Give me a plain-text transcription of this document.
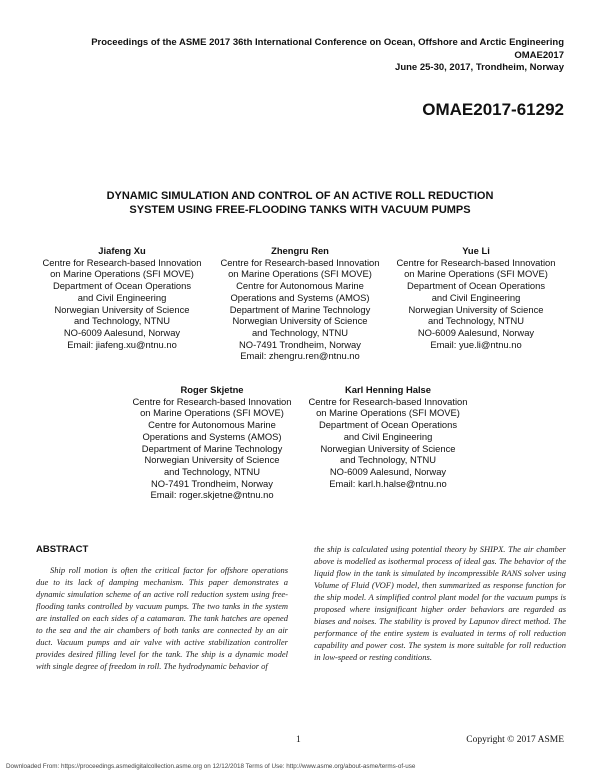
Proceedings of the ASME 2017 36th International Conference on Ocean, Offshore and Arctic Engineering
OMAE2017
June 25-30, 2017, Trondheim, Norway
OMAE2017-61292
DYNAMIC SIMULATION AND CONTROL OF AN ACTIVE ROLL REDUCTION
SYSTEM USING FREE-FLOODING TANKS WITH VACUUM PUMPS
Jiafeng Xu
Centre for Research-based Innovation
on Marine Operations (SFI MOVE)
Department of Ocean Operations
and Civil Engineering
Norwegian University of Science
and Technology, NTNU
NO-6009 Aalesund, Norway
Email: jiafeng.xu@ntnu.no
Zhengru Ren
Centre for Research-based Innovation
on Marine Operations (SFI MOVE)
Centre for Autonomous Marine
Operations and Systems (AMOS)
Department of Marine Technology
Norwegian University of Science
and Technology, NTNU
NO-7491 Trondheim, Norway
Email: zhengru.ren@ntnu.no
Yue Li
Centre for Research-based Innovation
on Marine Operations (SFI MOVE)
Department of Ocean Operations
and Civil Engineering
Norwegian University of Science
and Technology, NTNU
NO-6009 Aalesund, Norway
Email: yue.li@ntnu.no
Roger Skjetne
Centre for Research-based Innovation
on Marine Operations (SFI MOVE)
Centre for Autonomous Marine
Operations and Systems (AMOS)
Department of Marine Technology
Norwegian University of Science
and Technology, NTNU
NO-7491 Trondheim, Norway
Email: roger.skjetne@ntnu.no
Karl Henning Halse
Centre for Research-based Innovation
on Marine Operations (SFI MOVE)
Department of Ocean Operations
and Civil Engineering
Norwegian University of Science
and Technology, NTNU
NO-6009 Aalesund, Norway
Email: karl.h.halse@ntnu.no
ABSTRACT

Ship roll motion is often the critical factor for offshore operations due to its lack of damping mechanism. This paper demonstrates a dynamic simulation scheme of an active roll reduction system using free-flooding tanks controlled by vacuum pumps. The two tanks in the system are installed on each sides of a catamaran. The tank hatches are opened to the sea and the air chambers of both tanks are connected by an air duct. Vacuum pumps and air valve with active stabilization controller provides desired filling level for the tank. The ship is a dynamic model with single degree of freedom in roll. The hydrodynamic behavior of

the ship is calculated using potential theory by SHIPX. The air chamber above is modelled as isothermal process of ideal gas. The behavior of the liquid flow in the tank is simulated by incompressible RANS solver using Volume of Fluid (VOF) model, then summarized as response function for the ship model. A simplified control plant model for the vacuum pumps is proposed where insignificant higher order behaviors are regarded as biases and noises. The stability is proved by Lapunov direct method. The performance of the entire system is evaluated in terms of roll reduction capability and power cost. The system is more suitable for roll reduction in low-speed or resting conditions.

1	Copyright © 2017 ASME
Downloaded From: https://proceedings.asmedigitalcollection.asme.org on 12/12/2018 Terms of Use: http://www.asme.org/about-asme/terms-of-use
